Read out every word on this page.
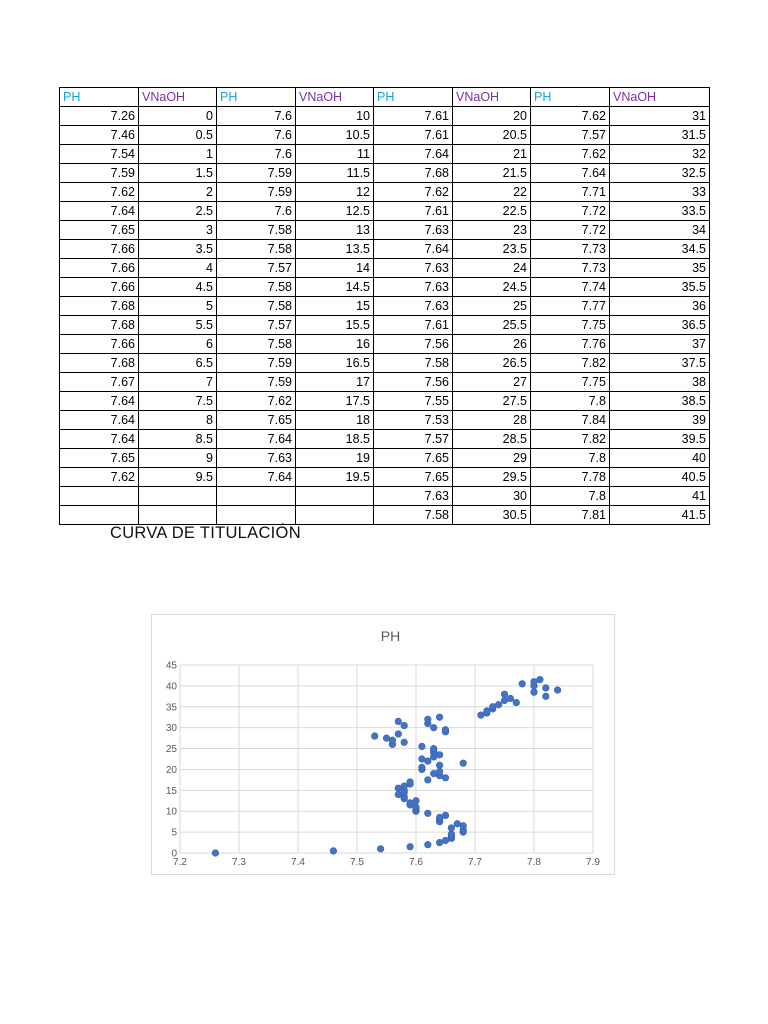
PH	VNaOH	PH	VNaOH	PH	VNaOH	PH	VNaOH
7.26	0	7.6	10	7.61	20	7.62	31
7.46	0.5	7.6	10.5	7.61	20.5	7.57	31.5
7.54	1	7.6	11	7.64	21	7.62	32
7.59	1.5	7.59	11.5	7.68	21.5	7.64	32.5
7.62	2	7.59	12	7.62	22	7.71	33
7.64	2.5	7.6	12.5	7.61	22.5	7.72	33.5
7.65	3	7.58	13	7.63	23	7.72	34
7.66	3.5	7.58	13.5	7.64	23.5	7.73	34.5
7.66	4	7.57	14	7.63	24	7.73	35
7.66	4.5	7.58	14.5	7.63	24.5	7.74	35.5
7.68	5	7.58	15	7.63	25	7.77	36
7.68	5.5	7.57	15.5	7.61	25.5	7.75	36.5
7.66	6	7.58	16	7.56	26	7.76	37
7.68	6.5	7.59	16.5	7.58	26.5	7.82	37.5
7.67	7	7.59	17	7.56	27	7.75	38
7.64	7.5	7.62	17.5	7.55	27.5	7.8	38.5
7.64	8	7.65	18	7.53	28	7.84	39
7.64	8.5	7.64	18.5	7.57	28.5	7.82	39.5
7.65	9	7.63	19	7.65	29	7.8	40
7.62	9.5	7.64	19.5	7.65	29.5	7.78	40.5
				7.63	30	7.8	41
				7.58	30.5	7.81	41.5
CURVA DE TITULACIÓN
PH
0
5
10
15
20
25
30
35
40
45
7.2	7.3	7.4	7.5	7.6	7.7	7.8	7.9
